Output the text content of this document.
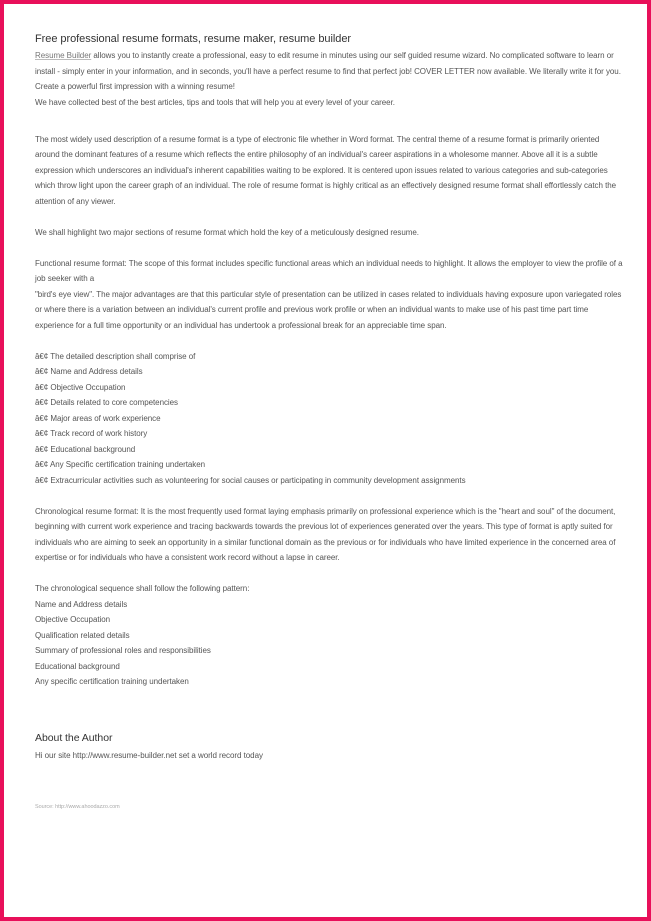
Free professional resume formats, resume maker, resume builder

Resume Builder allows you to instantly create a professional, easy to edit resume in minutes using our self guided resume wizard. No complicated software to learn or install - simply enter in your information, and in seconds, you'll have a perfect resume to find that perfect job! COVER LETTER now available. We literally write it for you.

Create a powerful first impression with a winning resume!

We have collected best of the best articles, tips and tools that will help you at every level of your career.

The most widely used description of a resume format is a type of electronic file whether in Word format. The central theme of a resume format is primarily oriented around the dominant features of a resume which reflects the entire philosophy of an individual's career aspirations in a wholesome manner. Above all it is a subtle expression which underscores an individual's inherent capabilities waiting to be explored. It is centered upon issues related to various categories and sub-categories which throw light upon the career graph of an individual. The role of resume format is highly critical as an effectively designed resume format shall effortlessly catch the attention of any viewer.

We shall highlight two major sections of resume format which hold the key of a meticulously designed resume.

Functional resume format: The scope of this format includes specific functional areas which an individual needs to highlight. It allows the employer to view the profile of a job seeker with a

"bird's eye view". The major advantages are that this particular style of presentation can be utilized in cases related to individuals having exposure upon variegated roles or where there is a variation between an individual's current profile and previous work profile or when an individual wants to make use of his past time part time experience for a full time opportunity or an individual has undertook a professional break for an appreciable time span.

â€¢ The detailed description shall comprise of
â€¢ Name and Address details
â€¢ Objective Occupation
â€¢ Details related to core competencies
â€¢ Major areas of work experience
â€¢ Track record of work history
â€¢ Educational background
â€¢ Any Specific certification training undertaken
â€¢ Extracurricular activities such as volunteering for social causes or participating in community development assignments

Chronological resume format: It is the most frequently used format laying emphasis primarily on professional experience which is the "heart and soul" of the document, beginning with current work experience and tracing backwards towards the previous lot of experiences generated over the years. This type of format is aptly suited for individuals who are aiming to seek an opportunity in a similar functional domain as the previous or for individuals who have limited experience in the concerned area of expertise or for individuals who have a consistent work record without a lapse in career.

The chronological sequence shall follow the following pattern:
Name and Address details
Objective Occupation
Qualification related details
Summary of professional roles and responsibilities
Educational background
Any specific certification training undertaken
About the Author

Hi our site http://www.resume-builder.net set a world record today

Source: http://www.ahoodazzo.com
